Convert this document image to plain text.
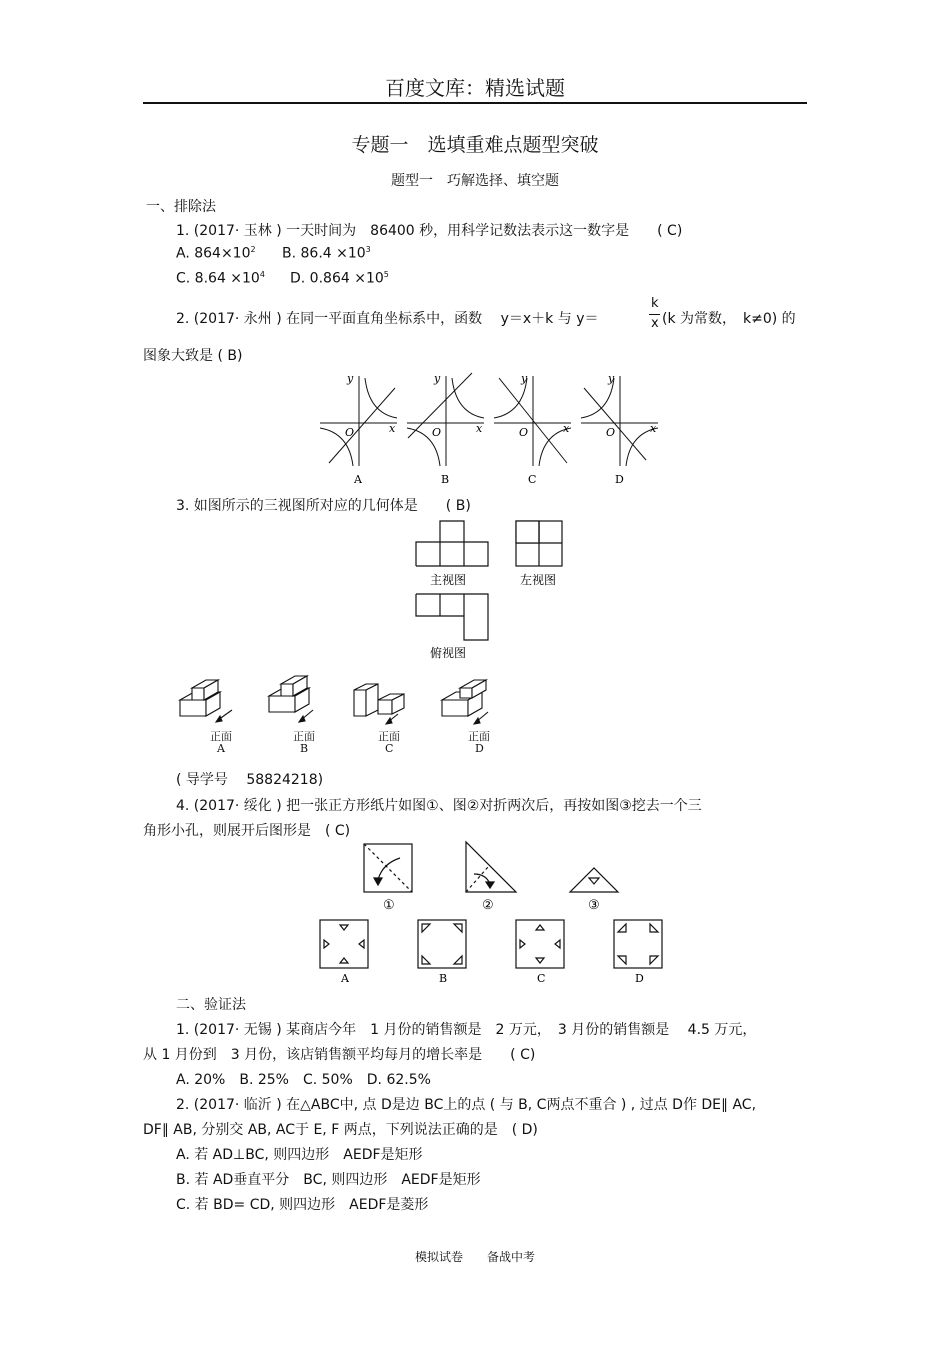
百度文库：精选试题
专题一　选填重难点题型突破
题型一　巧解选择、填空题
一、排除法
1. (2017· 玉林 ) 一天时间为　86400 秒，用科学记数法表示这一数字是　　( C)
A. $864\times 10^2$ B. $86.4 \times 10^3$
C. $8.64 \times 10^4$ D. $0.864 \times 10^5$
2. (2017· 永州 ) 在同一平面直角坐标系中，函数　 y＝x＋k 与 y＝
k
x (k 为常数，　k≠0) 的
图象大致是 ( B)
y
x
O
A
y
x
O
B
y
x
O
C
y
x
O
D
3. 如图所示的三视图所对应的几何体是　　( B)
主视图	左视图
俯视图
正面
A
正面
B
正面
C
正面
D
( 导学号　 58824218)
4. (2017· 绥化 ) 把一张正方形纸片如图①、图②对折两次后，再按如图③挖去一个三
角形小孔，则展开后图形是　( C)
①	②	③
A	B	C	D
二、验证法
1. (2017· 无锡 ) 某商店今年　1 月份的销售额是　2 万元，　3 月份的销售额是　 4.5 万元，
从 1 月份到　3 月份，该店销售额平均每月的增长率是　　( C)
A. 20%　B. 25%　C. 50%　D. 62.5%
2. (2017· 临沂 ) 在△ABC中, 点 D是边 BC上的点 ( 与 B, C两点不重合 ) , 过点 D作 DE∥ AC,
DF∥ AB, 分别交 AB, AC于 E, F 两点，下列说法正确的是　( D)
A. 若 AD⊥BC, 则四边形　AEDF是矩形
B. 若 AD垂直平分　BC, 则四边形　AEDF是矩形
C. 若 BD= CD, 则四边形　AEDF是菱形
模拟试卷　　备战中考
